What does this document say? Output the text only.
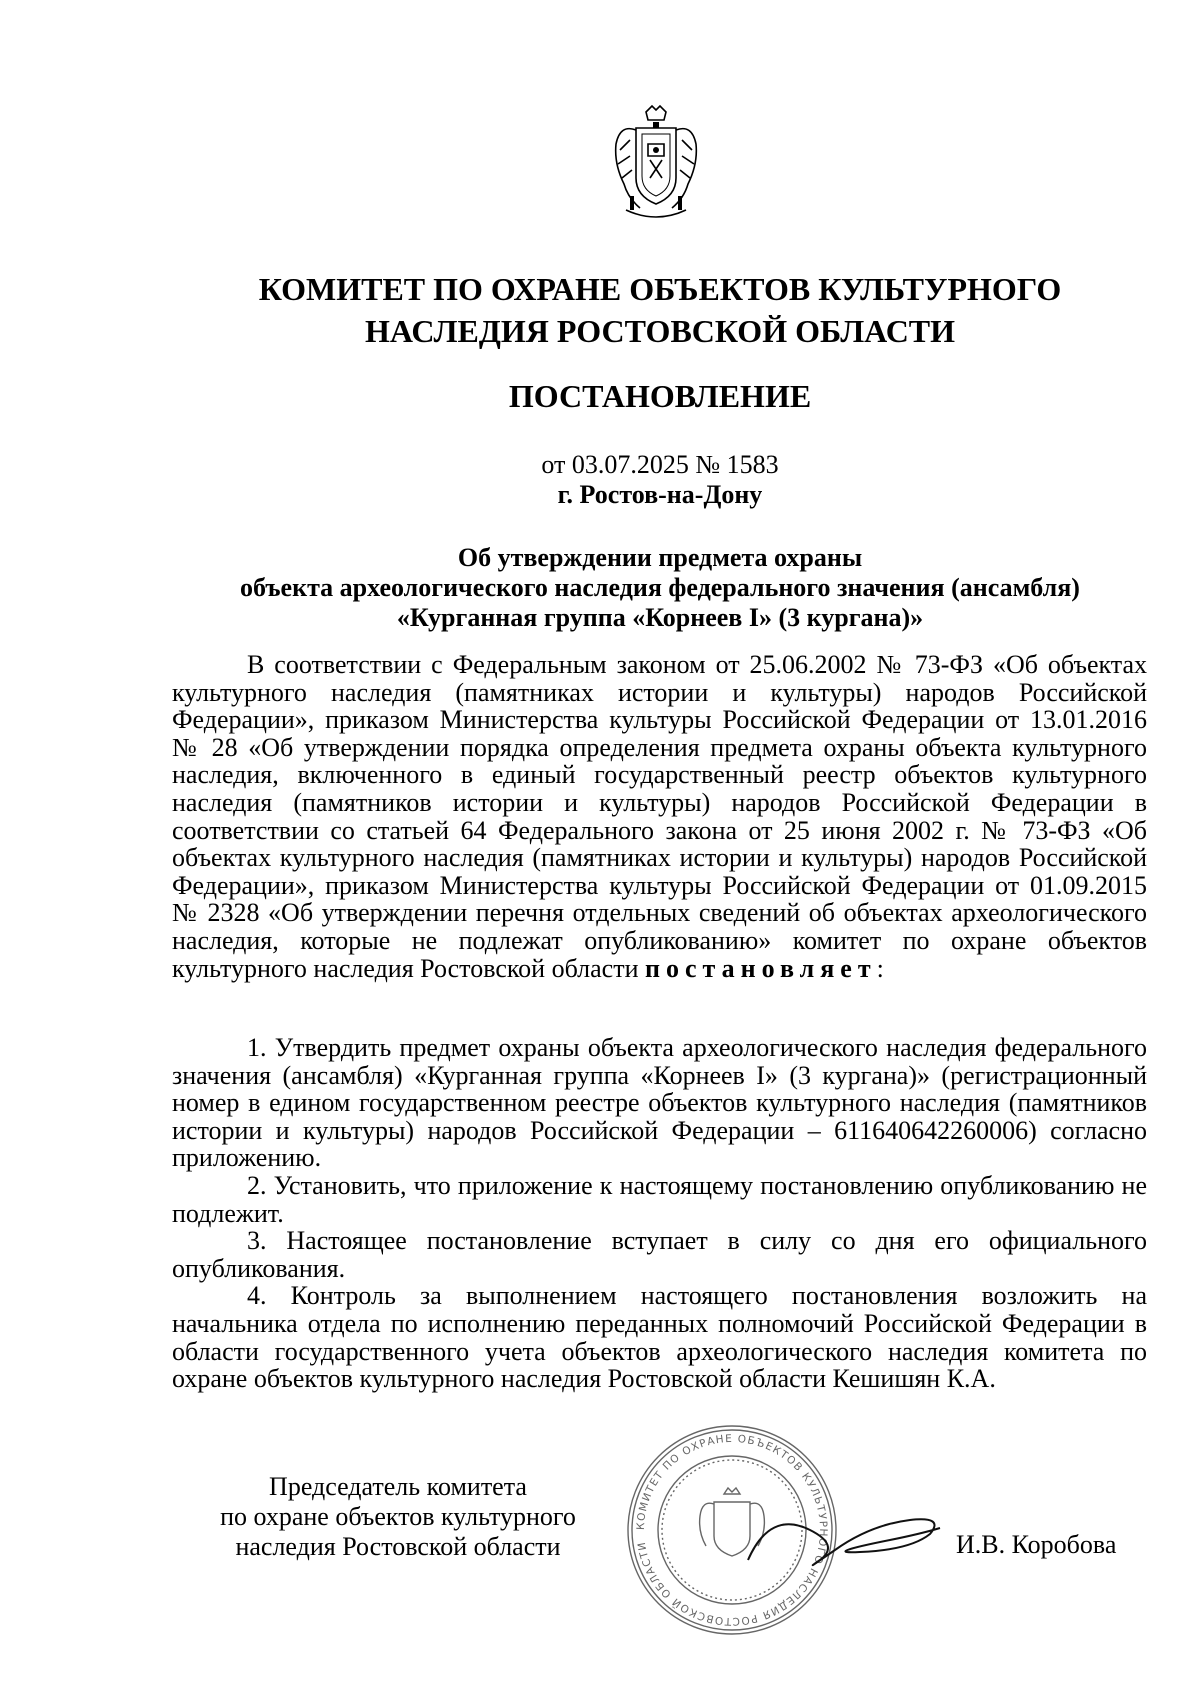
КОМИТЕТ ПО ОХРАНЕ ОБЪЕКТОВ КУЛЬТУРНОГО
НАСЛЕДИЯ РОСТОВСКОЙ ОБЛАСТИ
ПОСТАНОВЛЕНИЕ
от 03.07.2025 № 1583
г. Ростов-на-Дону
Об утверждении предмета охраны
объекта археологического наследия федерального значения (ансамбля)
«Курганная группа «Корнеев I» (3 кургана)»

В соответствии с Федеральным законом от 25.06.2002 № 73-ФЗ «Об объектах культурного наследия (памятниках истории и культуры) народов Российской Федерации», приказом Министерства культуры Российской Федерации от 13.01.2016 № 28 «Об утверждении порядка определения предмета охраны объекта культурного наследия, включенного в единый государственный реестр объектов культурного наследия (памятников истории и культуры) народов Российской Федерации в соответствии со статьей 64 Федерального закона от 25 июня 2002 г. № 73-ФЗ «Об объектах культурного наследия (памятниках истории и культуры) народов Российской Федерации», приказом Министерства культуры Российской Федерации от 01.09.2015 № 2328 «Об утверждении перечня отдельных сведений об объектах археологического наследия, которые не подлежат опубликованию» комитет по охране объектов культурного наследия Ростовской области постановляет:

1. Утвердить предмет охраны объекта археологического наследия федерального значения (ансамбля) «Курганная группа «Корнеев I» (3 кургана)» (регистрационный номер в едином государственном реестре объектов культурного наследия (памятников истории и культуры) народов Российской Федерации – 611640642260006) согласно приложению.

2. Установить, что приложение к настоящему постановлению опубликованию не подлежит.

3. Настоящее постановление вступает в силу со дня его официального опубликования.

4. Контроль за выполнением настоящего постановления возложить на начальника отдела по исполнению переданных полномочий Российской Федерации в области государственного учета объектов археологического наследия комитета по охране объектов культурного наследия Ростовской области Кешишян К.А.

КОМИТЕТ ПО ОХРАНЕ ОБЪЕКТОВ КУЛЬТУРНОГО НАСЛЕДИЯ РОСТОВСКОЙ ОБЛАСТИ
Председатель комитета
по охране объектов культурного
наследия Ростовской области	И.В. Коробова
